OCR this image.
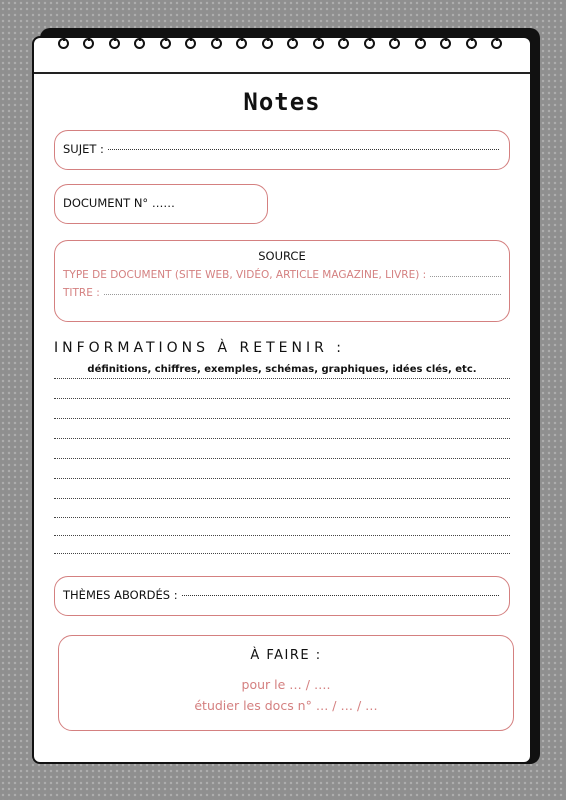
Notes
SUJET :
DOCUMENT N° ……
SOURCE
TYPE DE DOCUMENT (SITE WEB, VIDÉO, ARTICLE MAGAZINE, LIVRE) :
TITRE :
INFORMATIONS À RETENIR :
définitions, chiffres, exemples, schémas, graphiques, idées clés, etc.
THÈMES ABORDÉS :
À FAIRE :
pour le … / ….
étudier les docs n° … / … / …
